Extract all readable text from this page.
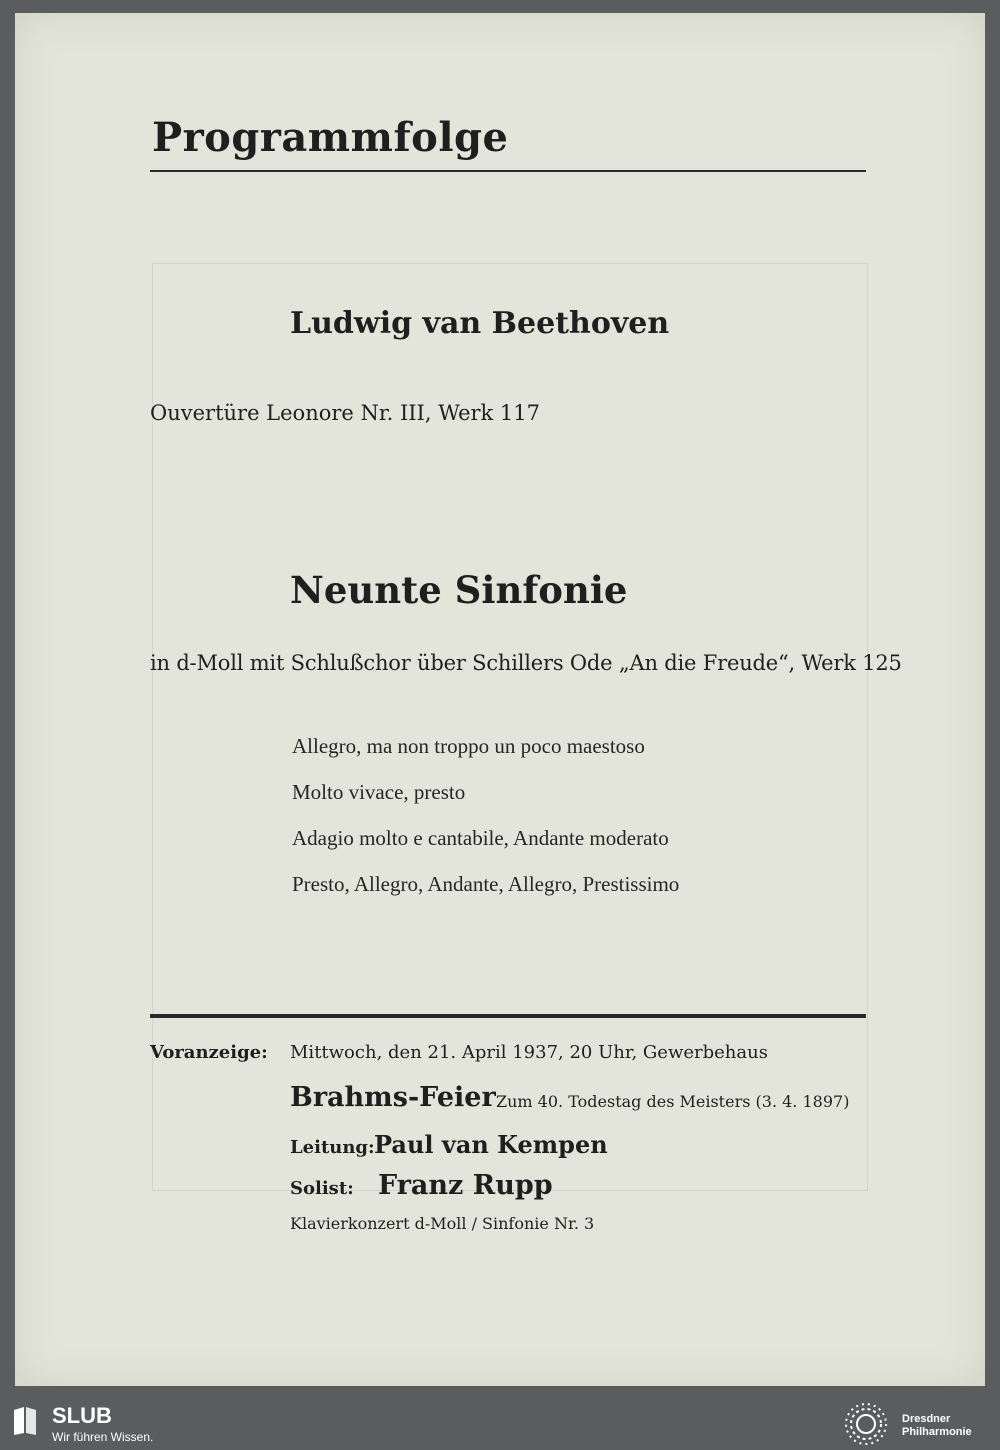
Programmfolge
Ludwig van Beethoven
Ouvertüre Leonore Nr. III, Werk 117
Neunte Sinfonie
in d-Moll mit Schlußchor über Schillers Ode „An die Freude“, Werk 125
Allegro, ma non troppo un poco maestoso
Molto vivace, presto
Adagio molto e cantabile, Andante moderato
Presto, Allegro, Andante, Allegro, Prestissimo
Voranzeige: Mittwoch, den 21. April 1937, 20 Uhr, Gewerbehaus
Brahms-Feier Zum 40. Todestag des Meisters (3. 4. 1897)
Leitung: Paul van Kempen
Solist: Franz Rupp
Klavierkonzert d-Moll / Sinfonie Nr. 3
SLUB
Wir führen Wissen.
Dresdner
Philharmonie
